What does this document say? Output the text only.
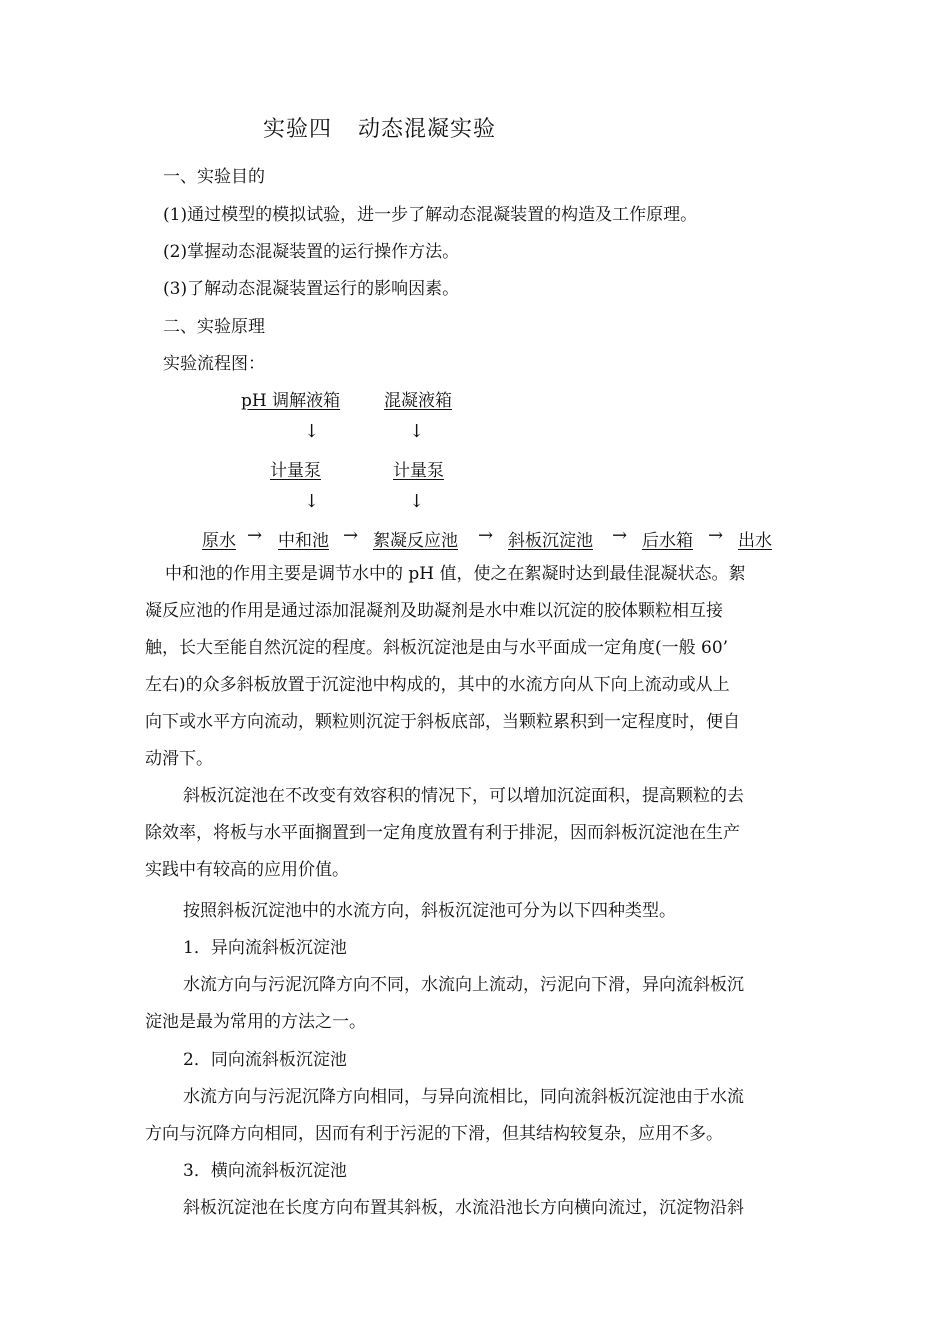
实验四 动态混凝实验
一、实验目的
(1)通过模型的模拟试验，进一步了解动态混凝装置的构造及工作原理。
(2)掌握动态混凝装置的运行操作方法。
(3)了解动态混凝装置运行的影响因素。
二、实验原理
实验流程图：
pH 调解液箱	混凝液箱
↓	↓
计量泵	计量泵
↓	↓
原水 → 中和池 → 絮凝反应池 → 斜板沉淀池 → 后水箱 → 出水
中和池的作用主要是调节水中的 pH 值，使之在絮凝时达到最佳混凝状态。絮
凝反应池的作用是通过添加混凝剂及助凝剂是水中难以沉淀的胶体颗粒相互接
触，长大至能自然沉淀的程度。斜板沉淀池是由与水平面成一定角度(一般 60’
左右)的众多斜板放置于沉淀池中构成的，其中的水流方向从下向上流动或从上
向下或水平方向流动，颗粒则沉淀于斜板底部，当颗粒累积到一定程度时，便自
动滑下。
斜板沉淀池在不改变有效容积的情况下，可以增加沉淀面积，提高颗粒的去
除效率，将板与水平面搁置到一定角度放置有利于排泥，因而斜板沉淀池在生产
实践中有较高的应用价值。
按照斜板沉淀池中的水流方向，斜板沉淀池可分为以下四种类型。
1．异向流斜板沉淀池
水流方向与污泥沉降方向不同，水流向上流动，污泥向下滑，异向流斜板沉
淀池是最为常用的方法之一。
2．同向流斜板沉淀池
水流方向与污泥沉降方向相同，与异向流相比，同向流斜板沉淀池由于水流
方向与沉降方向相同，因而有利于污泥的下滑，但其结构较复杂，应用不多。
3．横向流斜板沉淀池
斜板沉淀池在长度方向布置其斜板，水流沿池长方向横向流过，沉淀物沿斜
